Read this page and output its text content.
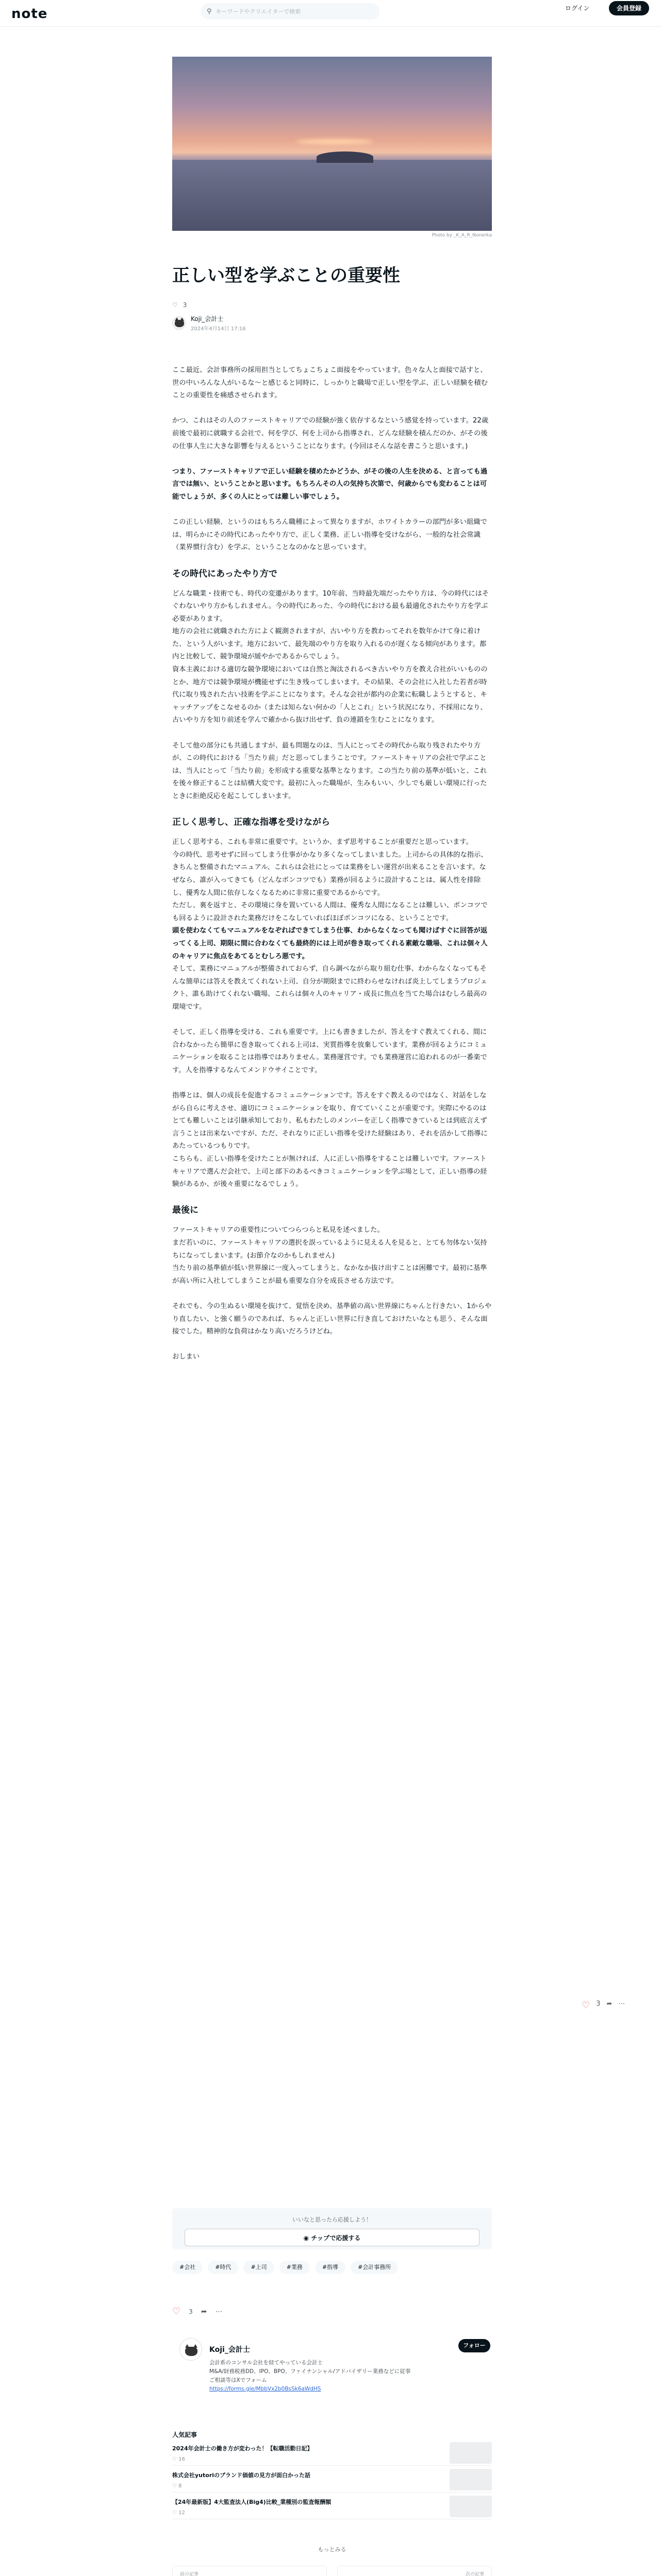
note	⚲
キーワードやクリエイターで検索	ログイン	会員登録
Photo by _K_A_R_Nonerka
正しい型を学ぶことの重要性
♡ 3
Koji_会計士
2024年4月14日 17:16

ここ最近、会計事務所の採用担当としてちょこちょこ面接をやっています。色々な人と面接で話すと、世の中いろんな人がいるな〜と感じると同時に、しっかりと職場で正しい型を学ぶ、正しい経験を積むことの重要性を痛感させられます。

かつ、これはその人のファーストキャリアでの経験が強く依存するなという感覚を持っています。22歳前後で最初に就職する会社で、何を学び、何を上司から指導され、どんな経験を積んだのか、がその後の仕事人生に大きな影響を与えるということになります。(今回はそんな話を書こうと思います。)

つまり、ファーストキャリアで正しい経験を積めたかどうか、がその後の人生を決める、と言っても過言では無い、ということかと思います。もちろんその人の気持ち次第で、何歳からでも変わることは可能でしょうが、多くの人にとっては難しい事でしょう。

この正しい経験、というのはもちろん職種によって異なりますが、ホワイトカラーの部門が多い組織では、明らかにその時代にあったやり方で、正しく業務、正しい指導を受けながら、一般的な社会常識（業界慣行含む）を学ぶ、ということなのかなと思っています。

その時代にあったやり方で

どんな職業・技術でも、時代の変遷があります。10年前、当時最先端だったやり方は、今の時代にはそぐわないやり方かもしれません。今の時代にあった、今の時代における最も最適化されたやり方を学ぶ必要があります。
地方の会社に就職された方によく観測されますが、古いやり方を教わってそれを数年かけて身に着けた、という人がいます。地方において、最先端のやり方を取り入れるのが遅くなる傾向があります。都内と比較して、競争環境が緩やかであるからでしょう。
資本主義における適切な競争環境においては自然と淘汰されるべき古いやり方を教え合社がいいもののとか、地方では競争環境が機能せずに生き残ってしまいます。その結果、その会社に入社した若者が時代に取り残された古い技術を学ぶことになります。そんな会社が都内の企業に転職しようとすると、キャッチアップをこなせるのか（または知らない何かの「人とこれ」という状況になり、不採用になり、古いやり方を知り前述を学んで確かから抜け出せず、負の連鎖を生むことになります。

そして他の部分にも共通しますが、最も問題なのは、当人にとってその時代から取り残されたやり方が、この時代における「当たり前」だと思ってしまうことです。ファーストキャリアの会社で学ぶことは、当人にとって「当たり前」を形成する重要な基準となります。この当たり前の基準が低いと、これを後々修正することは結構大変です。最初に入った職場が、生みもいい、少しでも厳しい環境に行ったときに拒絶反応を起こしてしまいます。

正しく思考し、正確な指導を受けながら

正しく思考する、これも非常に重要です。というか、まず思考することが重要だと思っています。
今の時代、思考せずに回ってしまう仕事がかなり多くなってしまいました。上司からの具体的な指示、きちんと整備されたマニュアル、これらは会社にとっては業務をしい運営が出来ることを言います。なぜなら、誰が入ってきても（どんなポンコツでも）業務が回るように設計することは、属人性を排除し、優秀な人間に依存しなくなるために非常に重要であるからです。
ただし、裏を返すと、その環境に身を置いている人間は、優秀な人間になることは難しい、ポンコツでも回るように設計された業務だけをこなしていればほぼポンコツになる、ということです。

頭を使わなくてもマニュアルをなぞればできてしまう仕事、わからなくなっても聞けばすぐに回答が返ってくる上司、期限に間に合わなくても最終的には上司が巻き取ってくれる素敵な職場、これは個々人のキャリアに焦点をあてるとむしろ悪です。

そして、業務にマニュアルが整備されておらず、自ら調べながら取り組む仕事、わからなくなってもそんな簡単には答えを教えてくれない上司、自分が期限までに終わらせなければ炎上してしまうプロジェクト、誰も助けてくれない職場、これらは個々人のキャリア・成長に焦点を当てた場合はむしろ最高の環境です。

そして、正しく指導を受ける、これも重要です。上にも書きましたが、答えをすぐ教えてくれる、間に合わなかったら簡単に巻き取ってくれる上司は、実質指導を放棄しています。業務が回るようにコミュニケーションを取ることは指導ではありません。業務運営です。でも業務運営に追われるのが一番楽です。人を指導するなんてメンドウサイことです。

指導とは、個人の成長を促進するコミュニケーションです。答えをすぐ教えるのではなく、対話をしながら自らに考えさせ、適切にコミュニケーションを取り、育てていくことが重要です。実際にやるのはとても難しいことは引継承知しており、私もわたしのメンバーを正しく指導できているとは到底言えず言うことは出来ないですが、ただ、それなりに正しい指導を受けた経験はあり、それを活かして指導にあたっているつもりです。
こちらも、正しい指導を受けたことが無ければ、人に正しい指導をすることは難しいです。ファーストキャリアで選んだ会社で、上司と部下のあるべきコミュニケーションを学ぶ場として、正しい指導の経験があるか、が後々重要になるでしょう。

最後に

ファーストキャリアの重要性についてつらつらと私見を述べました。
まだ若いのに、ファーストキャリアの選択を誤っているように見える人を見ると、とても勿体ない気持ちになってしまいます。(お節介なのかもしれません)
当たり前の基準値が低い世界線に一度入ってしまうと、なかなか抜け出すことは困難です。最初に基準が高い所に入社してしまうことが最も重要な自分を成長させる方法です。

それでも、今の生ぬるい環境を抜けて、覚悟を決め、基準値の高い世界線にちゃんと行きたい、1からやり直したい、と強く願うのであれば、ちゃんと正しい世界に行き直しておけたいなとも思う、そんな面接でした。精神的な負荷はかなり高いだろうけどね。

おしまい

いいなと思ったら応援しよう！
◉ チップで応援する
#会社	#時代	#上司	#業務	#指導	#会計事務所
♡ 3 ➦ ⋯
Koji_会計士
フォロー
会計系のコンサル会社を経てやっている会計士
M&A/財務税務DD、IPO、BPO、ファイナンシャル/アドバイザリー業務などに従事
ご相談等はXでフォーム
https://forms.gle/MbbVx2b0BsSk6aWdHS
人気記事
2024年会計士の働き方が変わった！【転職活動日記】
♡ 16
株式会社yutoriのブランド価値の見方が面白かった話
♡ 8
【24年最新版】4大監査法人(Big4)比較_業種別の監査報酬額
♡ 12
もっとみる
前の記事	次の記事
♡ 3 ➦ ⋯
